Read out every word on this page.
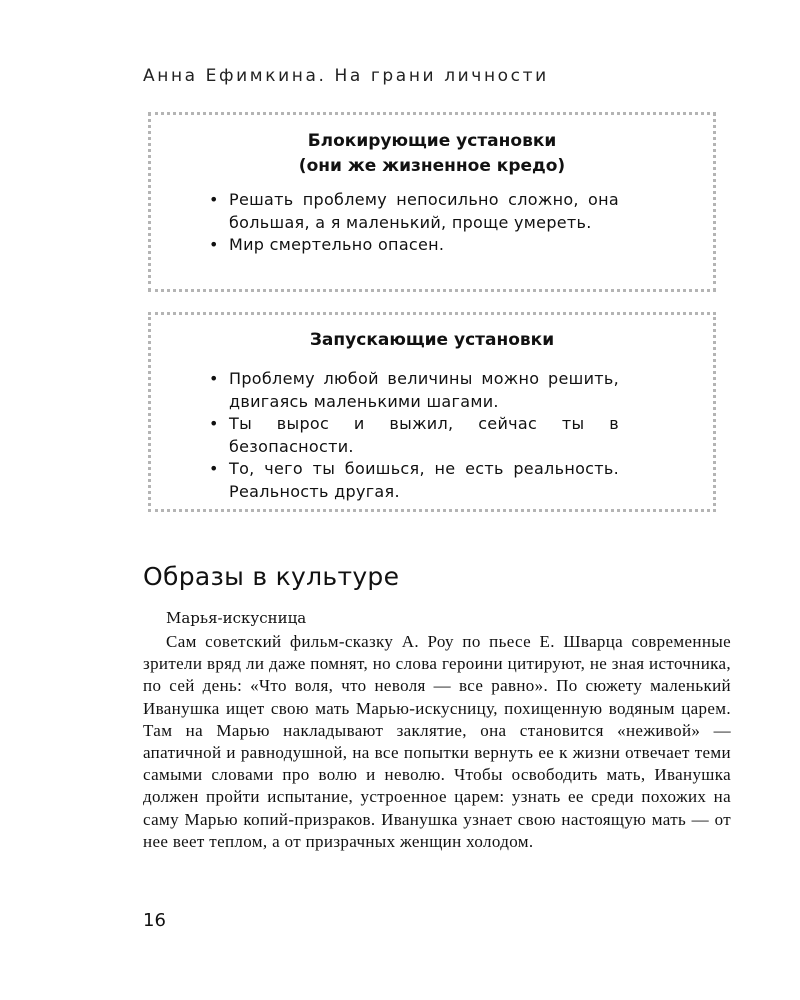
Анна Ефимкина. На грани личности
Блокирующие установки
(они же жизненное кредо)
• Решать проблему непосильно сложно, она большая, а я маленький, проще умереть.
• Мир смертельно опасен.
Запускающие установки
• Проблему любой величины можно решить, двигаясь маленькими шагами.
• Ты вырос и выжил, сейчас ты в безопасности.
• То, чего ты боишься, не есть реальность. Реальность другая.
Образы в культуре
Марья-искусница

Сам советский фильм-сказку А. Роу по пьесе Е. Шварца современные зрители вряд ли даже помнят, но слова героини цитируют, не зная источника, по сей день: «Что воля, что неволя — все равно». По сюжету маленький Иванушка ищет свою мать Марью-искусницу, похищенную водяным царем. Там на Марью накладывают заклятие, она становится «неживой» — апатичной и равнодушной, на все попытки вернуть ее к жизни отвечает теми самыми словами про волю и неволю. Чтобы освободить мать, Иванушка должен пройти испытание, устроенное царем: узнать ее среди похожих на саму Марью копий-призраков. Иванушка узнает свою настоящую мать — от нее веет теплом, а от призрачных женщин холодом.

16
